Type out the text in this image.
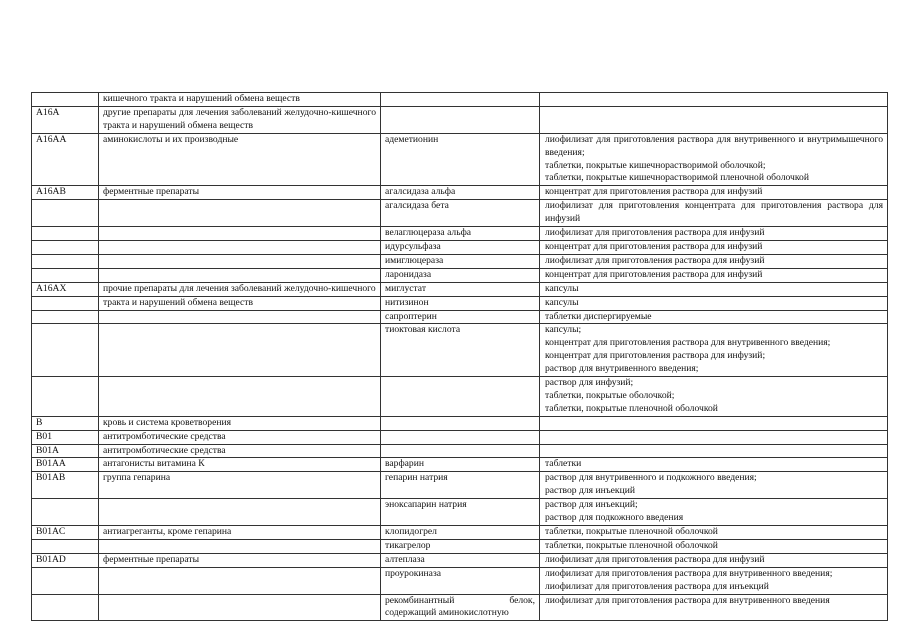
	кишечного тракта и нарушений обмена веществ		
A16A	другие препараты для лечения заболеваний желудочно-кишечного тракта и нарушений обмена веществ		
A16AA	аминокислоты и их производные	адеметионин	лиофилизат для приготовления раствора для внутривенного и внутримышечного введения;
таблетки, покрытые кишечнорастворимой оболочкой;
таблетки, покрытые кишечнорастворимой пленочной оболочкой
A16AB	ферментные препараты	агалсидаза альфа	концентрат для приготовления раствора для инфузий
		агалсидаза бета	лиофилизат для приготовления концентрата для приготовления раствора для инфузий
		велаглюцераза альфа	лиофилизат для приготовления раствора для инфузий
		идурсульфаза	концентрат для приготовления раствора для инфузий
		имиглюцераза	лиофилизат для приготовления раствора для инфузий
		ларонидаза	концентрат для приготовления раствора для инфузий
A16AX	прочие препараты для лечения заболеваний желудочно-кишечного	миглустат	капсулы
	тракта и нарушений обмена веществ	нитизинон	капсулы
		сапроптерин	таблетки диспергируемые
		тиоктовая кислота	капсулы;
концентрат для приготовления раствора для внутривенного введения;
концентрат для приготовления раствора для инфузий;
раствор для внутривенного введения;
			раствор для инфузий;
таблетки, покрытые оболочкой;
таблетки, покрытые пленочной оболочкой
B	кровь и система кроветворения		
B01	антитромботические средства		
B01A	антитромботические средства		
B01AA	антагонисты витамина К	варфарин	таблетки
B01AB	группа гепарина	гепарин натрия	раствор для внутривенного и подкожного введения;
раствор для инъекций
		эноксапарин натрия	раствор для инъекций;
раствор для подкожного введения
B01AC	антиагреганты, кроме гепарина	клопидогрел	таблетки, покрытые пленочной оболочкой
		тикагрелор	таблетки, покрытые пленочной оболочкой
B01AD	ферментные препараты	алтеплаза	лиофилизат для приготовления раствора для инфузий
		проурокиназа	лиофилизат для приготовления раствора для внутривенного введения;
лиофилизат для приготовления раствора для инъекций
		рекомбинантный белок, содержащий аминокислотную	лиофилизат для приготовления раствора для внутривенного введения
